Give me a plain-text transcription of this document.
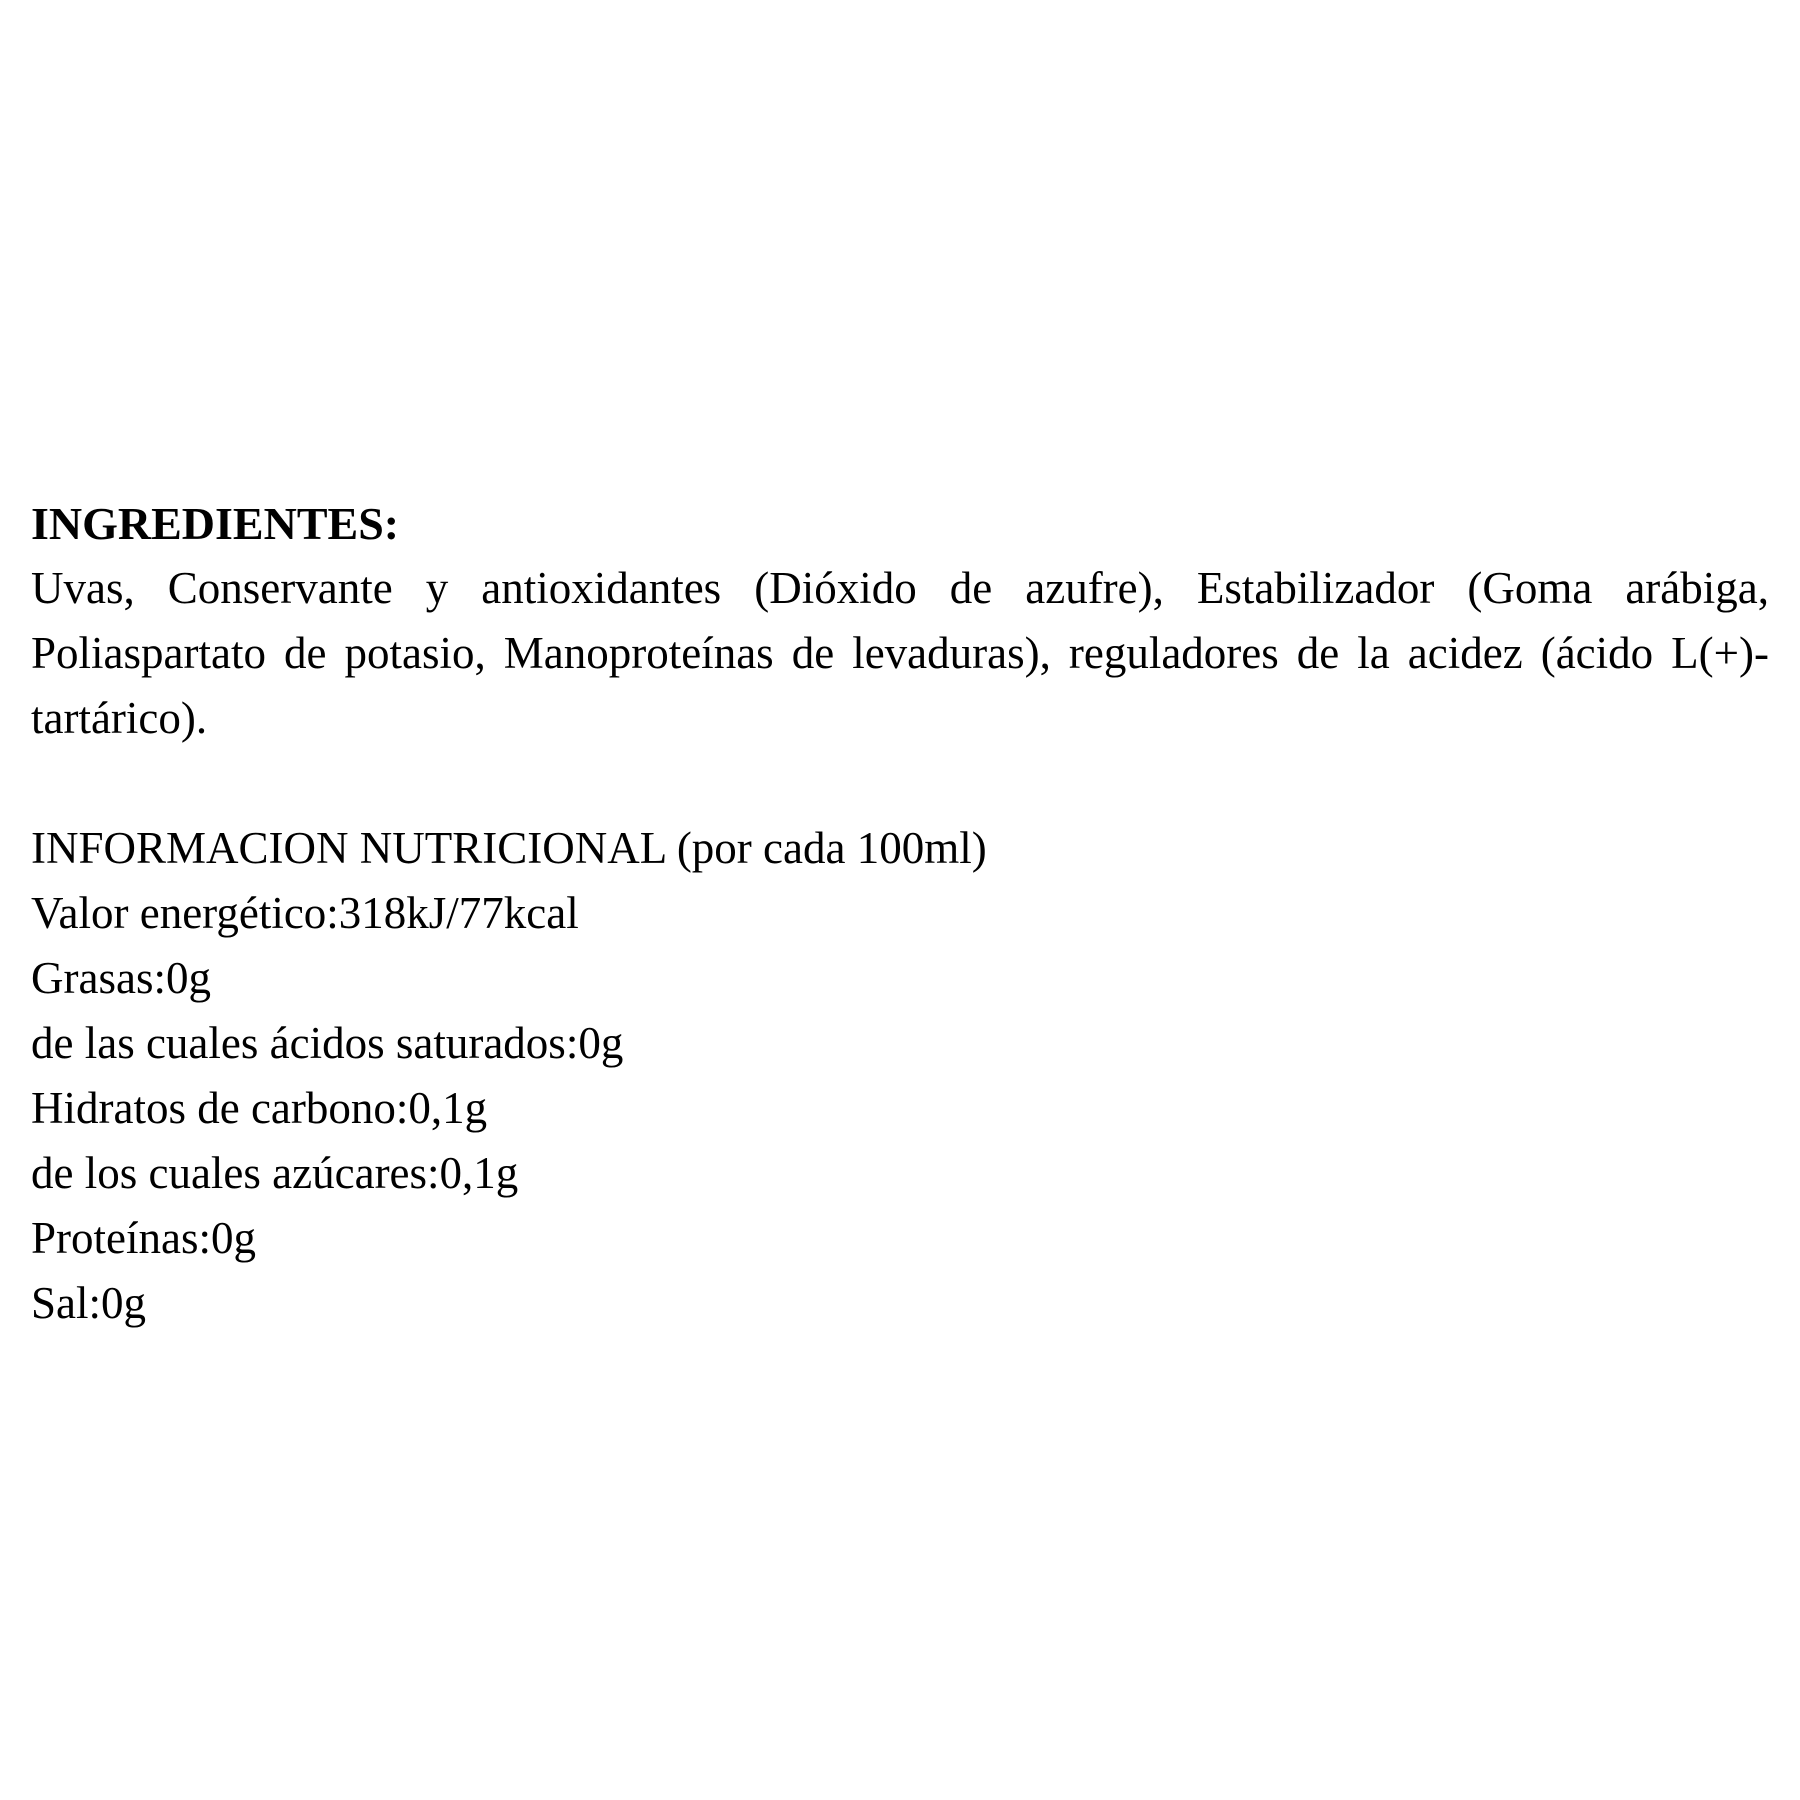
INGREDIENTES:

Uvas, Conservante y antioxidantes (Dióxido de azufre), Estabilizador (Goma arábiga, Poliaspartato de potasio, Manoproteínas de levaduras), reguladores de la acidez (ácido L(+)-tartárico).

INFORMACION NUTRICIONAL (por cada 100ml)

Valor energético:318kJ/77kcal

Grasas:0g

de las cuales ácidos saturados:0g

Hidratos de carbono:0,1g

de los cuales azúcares:0,1g

Proteínas:0g

Sal:0g
